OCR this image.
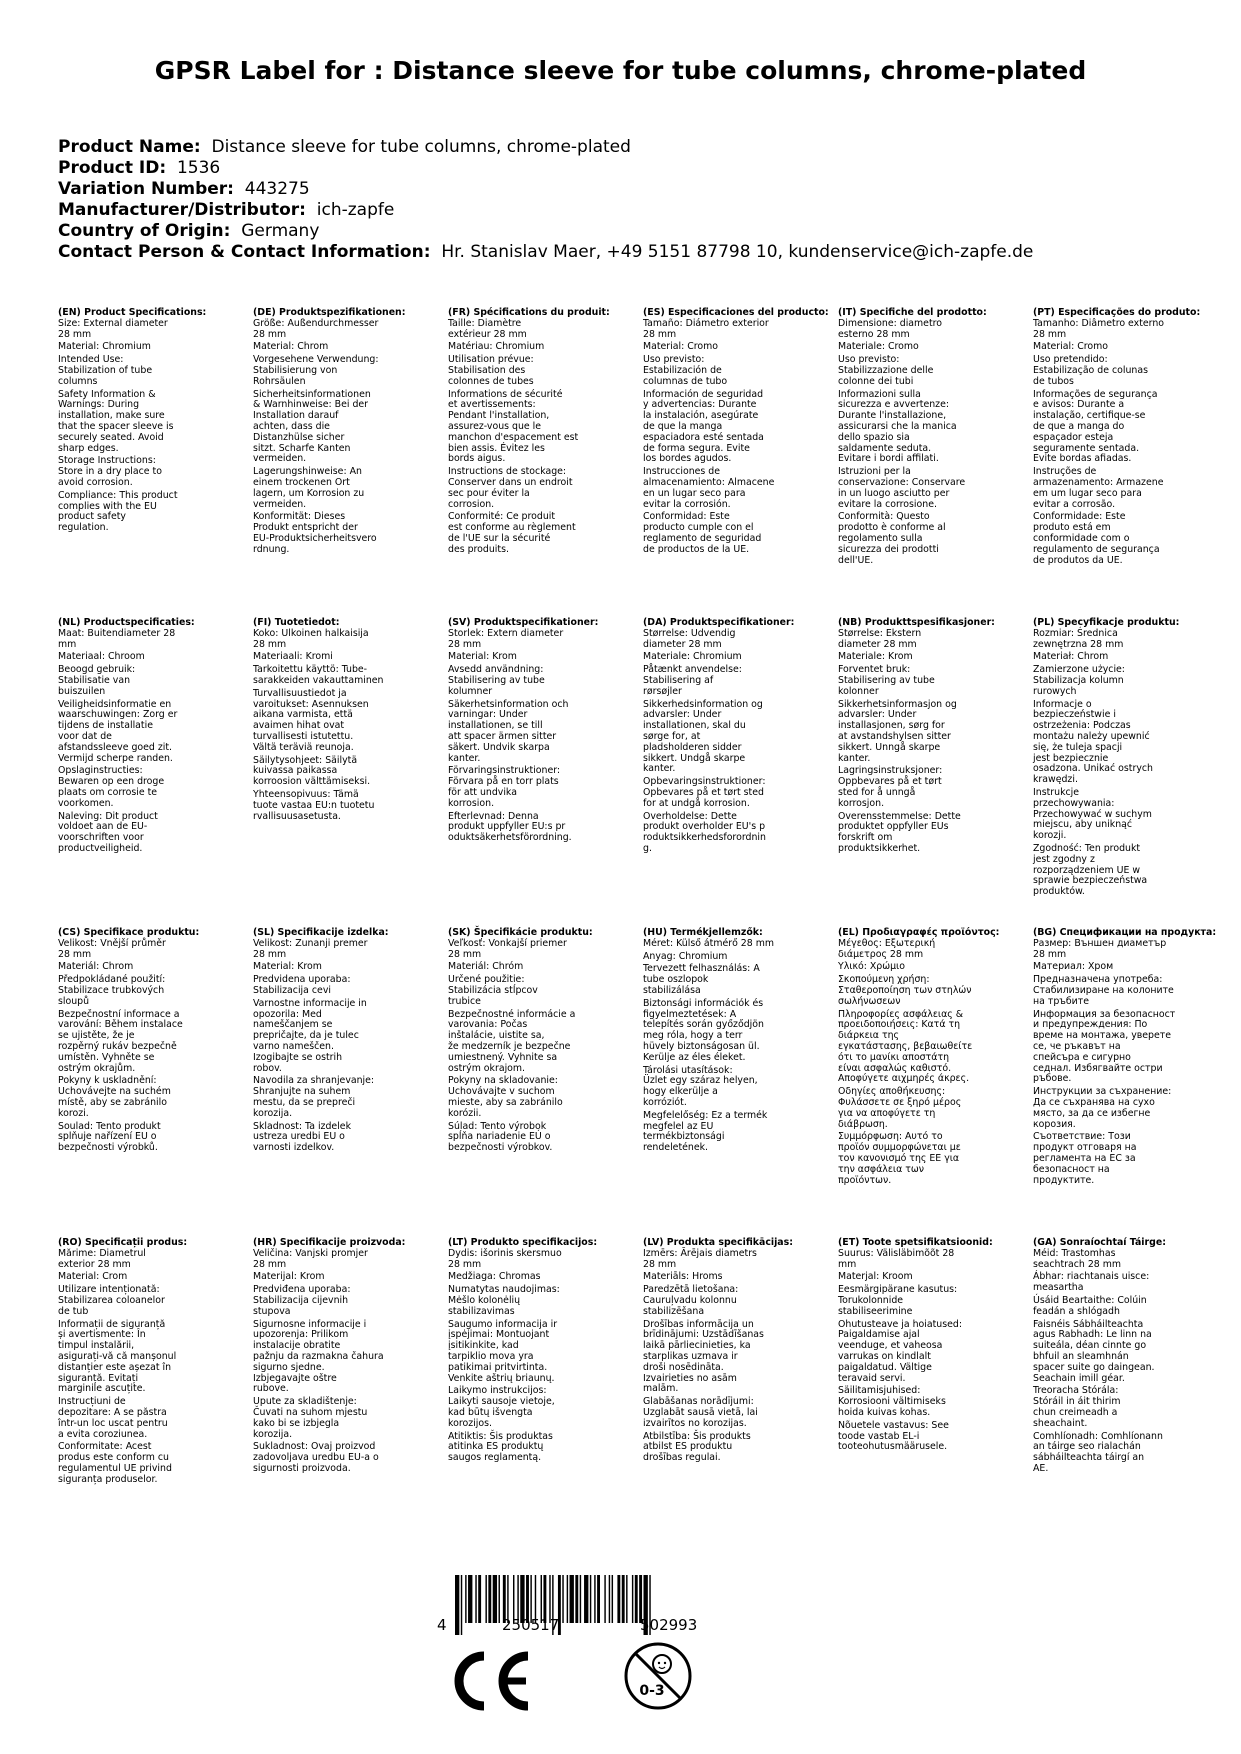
GPSR Label for : Distance sleeve for tube columns, chrome-plated
Product Name: Distance sleeve for tube columns, chrome-plated
Product ID: 1536
Variation Number: 443275
Manufacturer/Distributor: ich-zapfe
Country of Origin: Germany
Contact Person & Contact Information: Hr. Stanislav Maer, +49 5151 87798 10, kundenservice@ich-zapfe.de
(EN) Product Specifications:

Size: External diameter
28 mm

Material: Chromium

Intended Use:
Stabilization of tube
columns

Safety Information &
Warnings: During
installation, make sure
that the spacer sleeve is
securely seated. Avoid
sharp edges.

Storage Instructions:
Store in a dry place to
avoid corrosion.

Compliance: This product
complies with the EU
product safety
regulation.

(DE) Produktspezifikationen:

Größe: Außendurchmesser
28 mm

Material: Chrom

Vorgesehene Verwendung:
Stabilisierung von
Rohrsäulen

Sicherheitsinformationen
& Warnhinweise: Bei der
Installation darauf
achten, dass die
Distanzhülse sicher
sitzt. Scharfe Kanten
vermeiden.

Lagerungshinweise: An
einem trockenen Ort
lagern, um Korrosion zu
vermeiden.

Konformität: Dieses
Produkt entspricht der
EU-Produktsicherheitsvero
rdnung.

(FR) Spécifications du produit:

Taille: Diamètre
extérieur 28 mm

Matériau: Chromium

Utilisation prévue:
Stabilisation des
colonnes de tubes

Informations de sécurité
et avertissements:
Pendant l'installation,
assurez-vous que le
manchon d'espacement est
bien assis. Évitez les
bords aigus.

Instructions de stockage:
Conserver dans un endroit
sec pour éviter la
corrosion.

Conformité: Ce produit
est conforme au règlement
de l'UE sur la sécurité
des produits.

(ES) Especificaciones del producto:

Tamaño: Diámetro exterior
28 mm

Material: Cromo

Uso previsto:
Estabilización de
columnas de tubo

Información de seguridad
y advertencias: Durante
la instalación, asegúrate
de que la manga
espaciadora esté sentada
de forma segura. Evite
los bordes agudos.

Instrucciones de
almacenamiento: Almacene
en un lugar seco para
evitar la corrosión.

Conformidad: Este
producto cumple con el
reglamento de seguridad
de productos de la UE.

(IT) Specifiche del prodotto:

Dimensione: diametro
esterno 28 mm

Materiale: Cromo

Uso previsto:
Stabilizzazione delle
colonne dei tubi

Informazioni sulla
sicurezza e avvertenze:
Durante l'installazione,
assicurarsi che la manica
dello spazio sia
saldamente seduta.
Evitare i bordi affilati.

Istruzioni per la
conservazione: Conservare
in un luogo asciutto per
evitare la corrosione.

Conformità: Questo
prodotto è conforme al
regolamento sulla
sicurezza dei prodotti
dell'UE.

(PT) Especificações do produto:

Tamanho: Diâmetro externo
28 mm

Material: Cromo

Uso pretendido:
Estabilização de colunas
de tubos

Informações de segurança
e avisos: Durante a
instalação, certifique-se
de que a manga do
espaçador esteja
seguramente sentada.
Evite bordas afiadas.

Instruções de
armazenamento: Armazene
em um lugar seco para
evitar a corrosão.

Conformidade: Este
produto está em
conformidade com o
regulamento de segurança
de produtos da UE.

(NL) Productspecificaties:

Maat: Buitendiameter 28
mm

Materiaal: Chroom

Beoogd gebruik:
Stabilisatie van
buiszuilen

Veiligheidsinformatie en
waarschuwingen: Zorg er
tijdens de installatie
voor dat de
afstandssleeve goed zit.
Vermijd scherpe randen.

Opslaginstructies:
Bewaren op een droge
plaats om corrosie te
voorkomen.

Naleving: Dit product
voldoet aan de EU-
voorschriften voor
productveiligheid.

(FI) Tuotetiedot:

Koko: Ulkoinen halkaisija
28 mm

Materiaali: Kromi

Tarkoitettu käyttö: Tube-
sarakkeiden vakauttaminen

Turvallisuustiedot ja
varoitukset: Asennuksen
aikana varmista, että
avaimen hihat ovat
turvallisesti istutettu.
Vältä teräviä reunoja.

Säilytysohjeet: Säilytä
kuivassa paikassa
korroosion välttämiseksi.

Yhteensopivuus: Tämä
tuote vastaa EU:n tuotetu
rvallisuusasetusta.

(SV) Produktspecifikationer:

Storlek: Extern diameter
28 mm

Material: Krom

Avsedd användning:
Stabilisering av tube
kolumner

Säkerhetsinformation och
varningar: Under
installationen, se till
att spacer ärmen sitter
säkert. Undvik skarpa
kanter.

Förvaringsinstruktioner:
Förvara på en torr plats
för att undvika
korrosion.

Efterlevnad: Denna
produkt uppfyller EU:s pr
oduktsäkerhetsförordning.

(DA) Produktspecifikationer:

Størrelse: Udvendig
diameter 28 mm

Materiale: Chromium

Påtænkt anvendelse:
Stabilisering af
rørsøjler

Sikkerhedsinformation og
advarsler: Under
installationen, skal du
sørge for, at
pladsholderen sidder
sikkert. Undgå skarpe
kanter.

Opbevaringsinstruktioner:
Opbevares på et tørt sted
for at undgå korrosion.

Overholdelse: Dette
produkt overholder EU's p
roduktsikkerhedsforordnin
g.

(NB) Produkttspesifikasjoner:

Størrelse: Ekstern
diameter 28 mm

Materiale: Krom

Forventet bruk:
Stabilisering av tube
kolonner

Sikkerhetsinformasjon og
advarsler: Under
installasjonen, sørg for
at avstandshylsen sitter
sikkert. Unngå skarpe
kanter.

Lagringsinstruksjoner:
Oppbevares på et tørt
sted for å unngå
korrosjon.

Overensstemmelse: Dette
produktet oppfyller EUs
forskrift om
produktsikkerhet.

(PL) Specyfikacje produktu:

Rozmiar: Średnica
zewnętrzna 28 mm

Materiał: Chrom

Zamierzone użycie:
Stabilizacja kolumn
rurowych

Informacje o
bezpieczeństwie i
ostrzeżenia: Podczas
montażu należy upewnić
się, że tuleja spacji
jest bezpiecznie
osadzona. Unikać ostrych
krawędzi.

Instrukcje
przechowywania:
Przechowywać w suchym
miejscu, aby uniknąć
korozji.

Zgodność: Ten produkt
jest zgodny z
rozporządzeniem UE w
sprawie bezpieczeństwa
produktów.

(CS) Specifikace produktu:

Velikost: Vnější průměr
28 mm

Materiál: Chrom

Předpokládané použití:
Stabilizace trubkových
sloupů

Bezpečnostní informace a
varování: Během instalace
se ujistěte, že je
rozpěrný rukáv bezpečně
umístěn. Vyhněte se
ostrým okrajům.

Pokyny k uskladnění:
Uchovávejte na suchém
místě, aby se zabránilo
korozi.

Soulad: Tento produkt
splňuje nařízení EU o
bezpečnosti výrobků.

(SL) Specifikacije izdelka:

Velikost: Zunanji premer
28 mm

Material: Krom

Predvidena uporaba:
Stabilizacija cevi

Varnostne informacije in
opozorila: Med
nameščanjem se
prepričajte, da je tulec
varno nameščen.
Izogibajte se ostrih
robov.

Navodila za shranjevanje:
Shranjujte na suhem
mestu, da se prepreči
korozija.

Skladnost: Ta izdelek
ustreza uredbi EU o
varnosti izdelkov.

(SK) Špecifikácie produktu:

Veľkosť: Vonkajší priemer
28 mm

Materiál: Chróm

Určené použitie:
Stabilizácia stĺpcov
trubice

Bezpečnostné informácie a
varovania: Počas
inštalácie, uistite sa,
že medzerník je bezpečne
umiestnený. Vyhnite sa
ostrým okrajom.

Pokyny na skladovanie:
Uchovávajte v suchom
mieste, aby sa zabránilo
korózii.

Súlad: Tento výrobok
spĺňa nariadenie EÚ o
bezpečnosti výrobkov.

(HU) Termékjellemzők:

Méret: Külső átmérő 28 mm

Anyag: Chromium

Tervezett felhasználás: A
tube oszlopok
stabilizálása

Biztonsági információk és
figyelmeztetések: A
telepítés során győződjön
meg róla, hogy a terr
hüvely biztonságosan ül.
Kerülje az éles éleket.

Tárolási utasítások:
Üzlet egy száraz helyen,
hogy elkerülje a
korróziót.

Megfelelőség: Ez a termék
megfelel az EU
termékbiztonsági
rendeletének.

(EL) Προδιαγραφές προϊόντος:

Μέγεθος: Εξωτερική
διάμετρος 28 mm

Υλικό: Χρώμιο

Σκοπούμενη χρήση:
Σταθεροποίηση των στηλών
σωλήνωσεων

Πληροφορίες ασφάλειας &
προειδοποιήσεις: Κατά τη
διάρκεια της
εγκατάστασης, βεβαιωθείτε
ότι το μανίκι αποστάτη
είναι ασφαλώς καθιστό.
Αποφύγετε αιχμηρές άκρες.

Οδηγίες αποθήκευσης:
Φυλάσσετε σε ξηρό μέρος
για να αποφύγετε τη
διάβρωση.

Συμμόρφωση: Αυτό το
προϊόν συμμορφώνεται με
τον κανονισμό της ΕΕ για
την ασφάλεια των
προϊόντων.

(BG) Спецификации на продукта:

Размер: Външен диаметър
28 mm

Материал: Хром

Предназначена употреба:
Стабилизиране на колоните
на тръбите

Информация за безопасност
и предупреждения: По
време на монтажа, уверете
се, че ръкавът на
спейсъра е сигурно
седнал. Избягвайте остри
ръбове.

Инструкции за съхранение:
Да се съхранява на сухо
място, за да се избегне
корозия.

Съответствие: Този
продукт отговаря на
регламента на ЕС за
безопасност на
продуктите.

(RO) Specificații produs:

Mărime: Diametrul
exterior 28 mm

Material: Crom

Utilizare intenționată:
Stabilizarea coloanelor
de tub

Informații de siguranță
și avertismente: În
timpul instalării,
asigurați-vă că manșonul
distanțier este așezat în
siguranță. Evitați
marginile ascuțite.

Instrucțiuni de
depozitare: A se păstra
într-un loc uscat pentru
a evita coroziunea.

Conformitate: Acest
produs este conform cu
regulamentul UE privind
siguranța produselor.

(HR) Specifikacije proizvoda:

Veličina: Vanjski promjer
28 mm

Materijal: Krom

Predviđena uporaba:
Stabilizacija cijevnih
stupova

Sigurnosne informacije i
upozorenja: Prilikom
instalacije obratite
pažnju da razmakna čahura
sigurno sjedne.
Izbjegavajte oštre
rubove.

Upute za skladištenje:
Čuvati na suhom mjestu
kako bi se izbjegla
korozija.

Sukladnost: Ovaj proizvod
zadovoljava uredbu EU-a o
sigurnosti proizvoda.

(LT) Produkto specifikacijos:

Dydis: išorinis skersmuo
28 mm

Medžiaga: Chromas

Numatytas naudojimas:
Mėšlo kolonėlių
stabilizavimas

Saugumo informacija ir
įspėjimai: Montuojant
įsitikinkite, kad
tarpiklio mova yra
patikimai pritvirtinta.
Venkite aštrių briaunų.

Laikymo instrukcijos:
Laikyti sausoje vietoje,
kad būtų išvengta
korozijos.

Atitiktis: Šis produktas
atitinka ES produktų
saugos reglamentą.

(LV) Produkta specifikācijas:

Izmērs: Ārējais diametrs
28 mm

Materiāls: Hroms

Paredzētā lietošana:
Cauruļvadu kolonnu
stabilizēšana

Drošības informācija un
brīdinājumi: Uzstādīšanas
laikā pārliecinieties, ka
starplikas uzmava ir
droši nosēdināta.
Izvairieties no asām
malām.

Glabāšanas norādījumi:
Uzglabāt sausā vietā, lai
izvairītos no korozijas.

Atbilstība: Šis produkts
atbilst ES produktu
drošības regulai.

(ET) Toote spetsifikatsioonid:

Suurus: Välisläbimõõt 28
mm

Materjal: Kroom

Eesmärgipärane kasutus:
Torukolonnide
stabiliseerimine

Ohutusteave ja hoiatused:
Paigaldamise ajal
veenduge, et vaheosa
varrukas on kindlalt
paigaldatud. Vältige
teravaid servi.

Säilitamisjuhised:
Korrosiooni vältimiseks
hoida kuivas kohas.

Nõuetele vastavus: See
toode vastab EL-i
tooteohutusmäärusele.

(GA) Sonraíochtaí Táirge:

Méid: Trastomhas
seachtrach 28 mm

Ábhar: riachtanais uisce:
measartha

Úsáid Beartaithe: Colúin
feadán a shlógadh

Faisnéis Sábháilteachta
agus Rabhadh: Le linn na
suiteála, déan cinnte go
bhfuil an sleamhnán
spacer suite go daingean.
Seachain imill géar.

Treoracha Stórála:
Stóráil in áit thirim
chun creimeadh a
sheachaint.

Comhlíonadh: Comhlíonann
an táirge seo rialachán
sábháilteachta táirgí an
AE.

4	250517	502993
0-3
